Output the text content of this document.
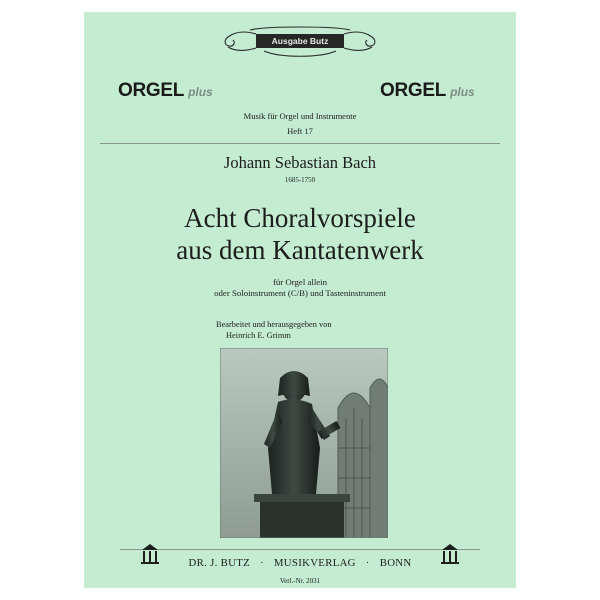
Ausgabe Butz
ORGEL plus	ORGEL plus
Musik für Orgel und Instrumente
Heft 17
Johann Sebastian Bach
1685-1750
Acht Choralvorspiele
aus dem Kantatenwerk
für Orgel allein
oder Soloinstrument (C/B) und Tasteninstrument
Bearbeitet und herausgegeben von
Heinrich E. Grimm
DR. J. BUTZ · MUSIKVERLAG · BONN
Verl.-Nr. 2031
